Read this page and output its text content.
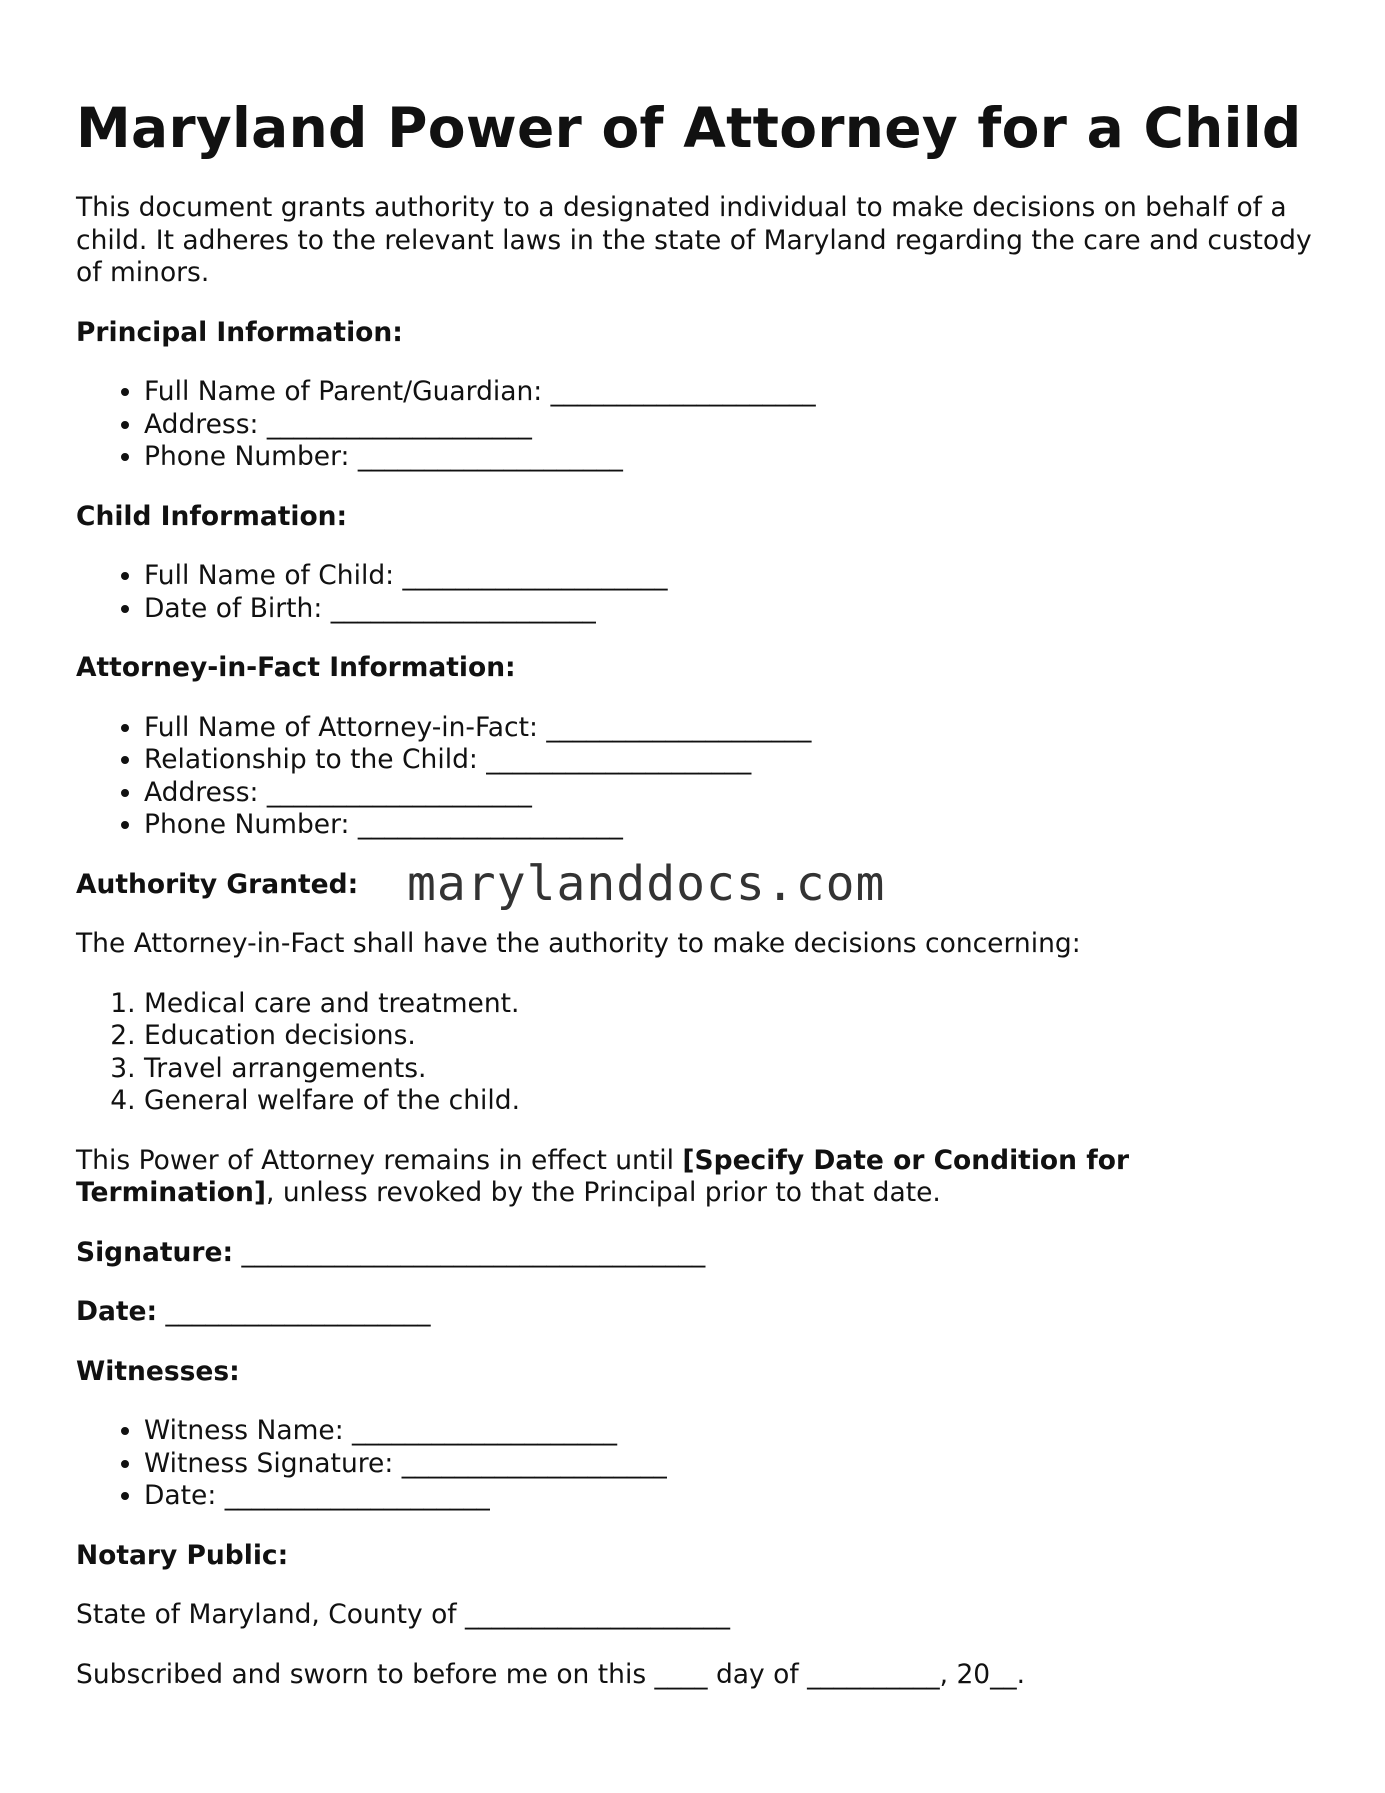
Maryland Power of Attorney for a Child

This document grants authority to a designated individual to make decisions on behalf of a child. It adheres to the relevant laws in the state of Maryland regarding the care and custody of minors.

Principal Information:
• Full Name of Parent/Guardian: ____________________
• Address: ____________________
• Phone Number: ____________________
Child Information:
• Full Name of Child: ____________________
• Date of Birth: ____________________
Attorney-in-Fact Information:
• Full Name of Attorney-in-Fact: ____________________
• Relationship to the Child: ____________________
• Address: ____________________
• Phone Number: ____________________
Authority Granted:	marylanddocs.com

The Attorney-in-Fact shall have the authority to make decisions concerning:

1. Medical care and treatment.
2. Education decisions.
3. Travel arrangements.
4. General welfare of the child.

This Power of Attorney remains in effect until [Specify Date or Condition for Termination], unless revoked by the Principal prior to that date.

Signature: ___________________________________

Date: ____________________

Witnesses:
• Witness Name: ____________________
• Witness Signature: ____________________
• Date: ____________________
Notary Public:

State of Maryland, County of ____________________

Subscribed and sworn to before me on this ____ day of __________, 20__.
